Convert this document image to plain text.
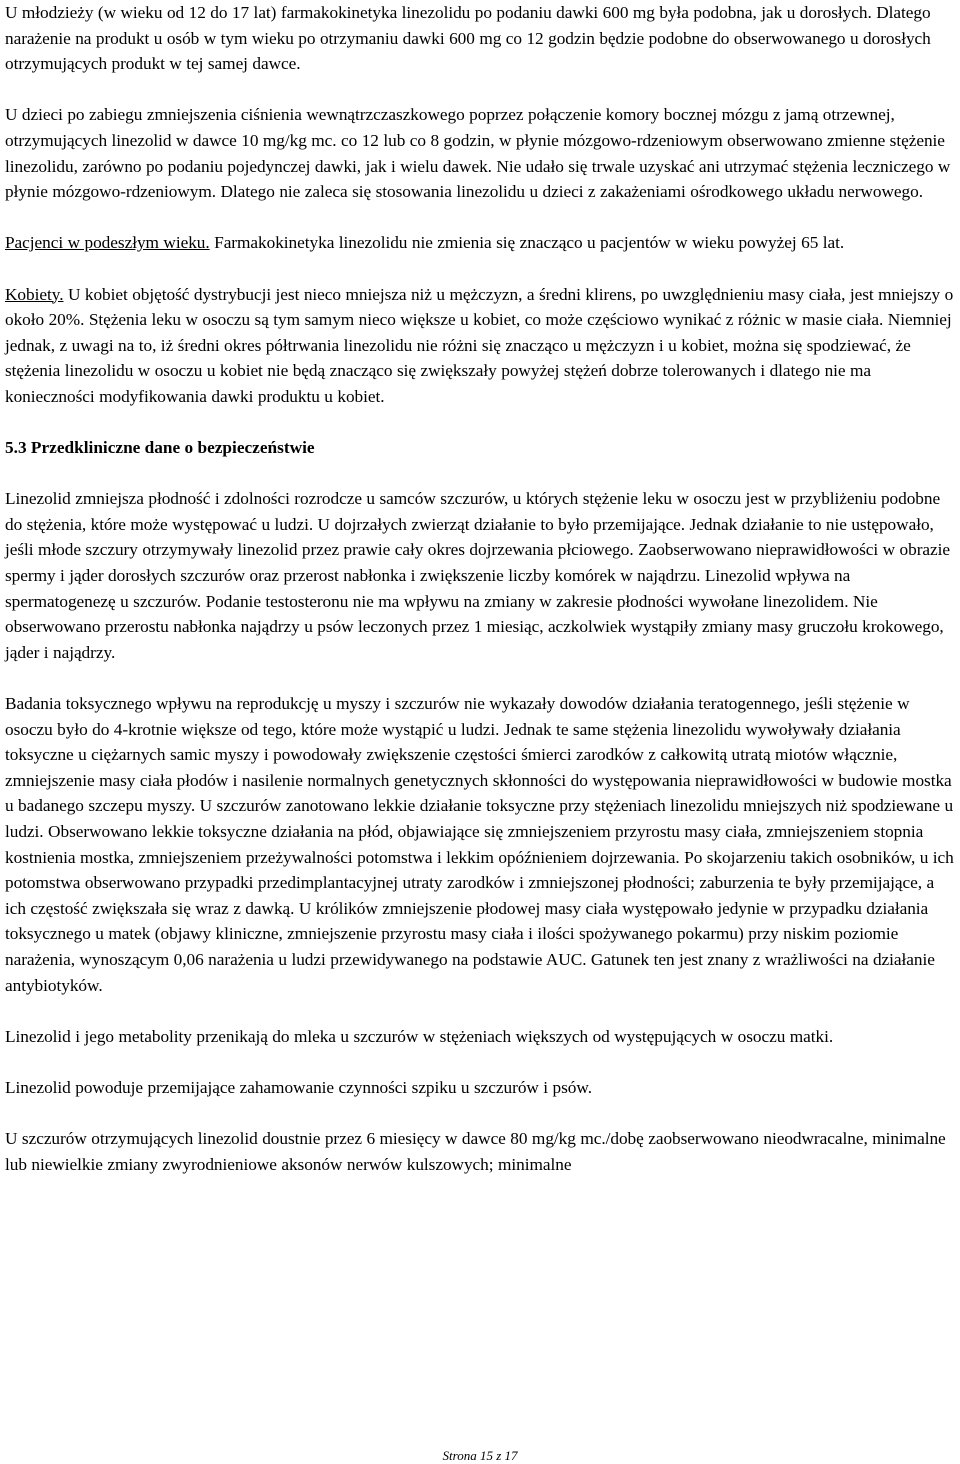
U młodzieży (w wieku od 12 do 17 lat) farmakokinetyka linezolidu po podaniu dawki 600 mg była podobna, jak u dorosłych. Dlatego narażenie na produkt u osób w tym wieku po otrzymaniu dawki 600 mg co 12 godzin będzie podobne do obserwowanego u dorosłych otrzymujących produkt w tej samej dawce.

U dzieci po zabiegu zmniejszenia ciśnienia wewnątrzczaszkowego poprzez połączenie komory bocznej mózgu z jamą otrzewnej, otrzymujących linezolid w dawce 10 mg/kg mc. co 12 lub co 8 godzin, w płynie mózgowo-rdzeniowym obserwowano zmienne stężenie linezolidu, zarówno po podaniu pojedynczej dawki, jak i wielu dawek. Nie udało się trwale uzyskać ani utrzymać stężenia leczniczego w płynie mózgowo-rdzeniowym. Dlatego nie zaleca się stosowania linezolidu u dzieci z zakażeniami ośrodkowego układu nerwowego.

Pacjenci w podeszłym wieku. Farmakokinetyka linezolidu nie zmienia się znacząco u pacjentów w wieku powyżej 65 lat.

Kobiety. U kobiet objętość dystrybucji jest nieco mniejsza niż u mężczyzn, a średni klirens, po uwzględnieniu masy ciała, jest mniejszy o około 20%. Stężenia leku w osoczu są tym samym nieco większe u kobiet, co może częściowo wynikać z różnic w masie ciała. Niemniej jednak, z uwagi na to, iż średni okres półtrwania linezolidu nie różni się znacząco u mężczyzn i u kobiet, można się spodziewać, że stężenia linezolidu w osoczu u kobiet nie będą znacząco się zwiększały powyżej stężeń dobrze tolerowanych i dlatego nie ma konieczności modyfikowania dawki produktu u kobiet.

5.3 Przedkliniczne dane o bezpieczeństwie

Linezolid zmniejsza płodność i zdolności rozrodcze u samców szczurów, u których stężenie leku w osoczu jest w przybliżeniu podobne do stężenia, które może występować u ludzi. U dojrzałych zwierząt działanie to było przemijające. Jednak działanie to nie ustępowało, jeśli młode szczury otrzymywały linezolid przez prawie cały okres dojrzewania płciowego. Zaobserwowano nieprawidłowości w obrazie spermy i jąder dorosłych szczurów oraz przerost nabłonka i zwiększenie liczby komórek w najądrzu. Linezolid wpływa na spermatogenezę u szczurów. Podanie testosteronu nie ma wpływu na zmiany w zakresie płodności wywołane linezolidem. Nie obserwowano przerostu nabłonka najądrzy u psów leczonych przez 1 miesiąc, aczkolwiek wystąpiły zmiany masy gruczołu krokowego, jąder i najądrzy.

Badania toksycznego wpływu na reprodukcję u myszy i szczurów nie wykazały dowodów działania teratogennego, jeśli stężenie w osoczu było do 4-krotnie większe od tego, które może wystąpić u ludzi. Jednak te same stężenia linezolidu wywoływały działania toksyczne u ciężarnych samic myszy i powodowały zwiększenie częstości śmierci zarodków z całkowitą utratą miotów włącznie, zmniejszenie masy ciała płodów i nasilenie normalnych genetycznych skłonności do występowania nieprawidłowości w budowie mostka u badanego szczepu myszy. U szczurów zanotowano lekkie działanie toksyczne przy stężeniach linezolidu mniejszych niż spodziewane u ludzi. Obserwowano lekkie toksyczne działania na płód, objawiające się zmniejszeniem przyrostu masy ciała, zmniejszeniem stopnia kostnienia mostka, zmniejszeniem przeżywalności potomstwa i lekkim opóźnieniem dojrzewania. Po skojarzeniu takich osobników, u ich potomstwa obserwowano przypadki przedimplantacyjnej utraty zarodków i zmniejszonej płodności; zaburzenia te były przemijające, a ich częstość zwiększała się wraz z dawką. U królików zmniejszenie płodowej masy ciała występowało jedynie w przypadku działania toksycznego u matek (objawy kliniczne, zmniejszenie przyrostu masy ciała i ilości spożywanego pokarmu) przy niskim poziomie narażenia, wynoszącym 0,06 narażenia u ludzi przewidywanego na podstawie AUC. Gatunek ten jest znany z wrażliwości na działanie antybiotyków.

Linezolid i jego metabolity przenikają do mleka u szczurów w stężeniach większych od występujących w osoczu matki.

Linezolid powoduje przemijające zahamowanie czynności szpiku u szczurów i psów.

U szczurów otrzymujących linezolid doustnie przez 6 miesięcy w dawce 80 mg/kg mc./dobę zaobserwowano nieodwracalne, minimalne lub niewielkie zmiany zwyrodnieniowe aksonów nerwów kulszowych; minimalne

Strona 15 z 17
